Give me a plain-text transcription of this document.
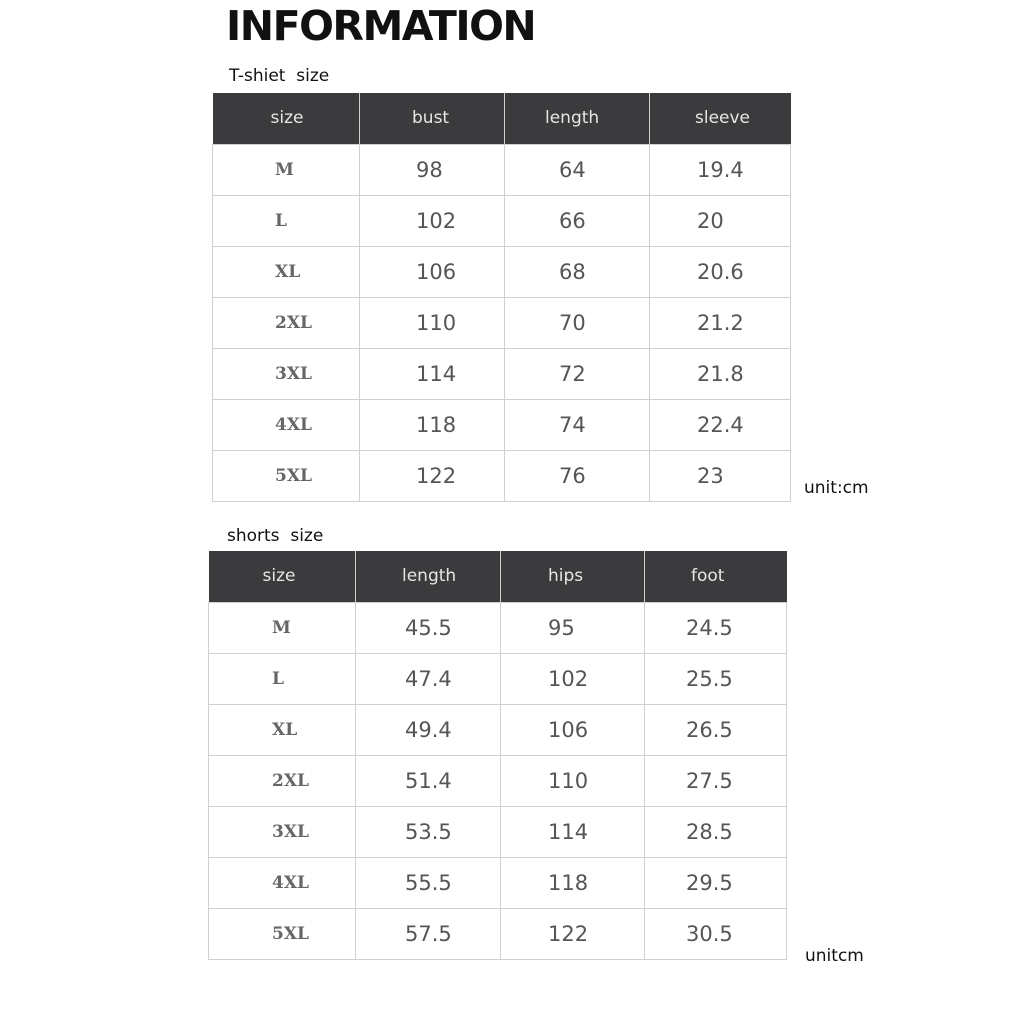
INFORMATION
T-shiet  size
size	bust	length	sleeve
M	98	64	19.4
L	102	66	20
XL	106	68	20.6
2XL	110	70	21.2
3XL	114	72	21.8
4XL	118	74	22.4
5XL	122	76	23
unit:cm
shorts  size
size	length	hips	foot
M	45.5	95	24.5
L	47.4	102	25.5
XL	49.4	106	26.5
2XL	51.4	110	27.5
3XL	53.5	114	28.5
4XL	55.5	118	29.5
5XL	57.5	122	30.5
unitcm
